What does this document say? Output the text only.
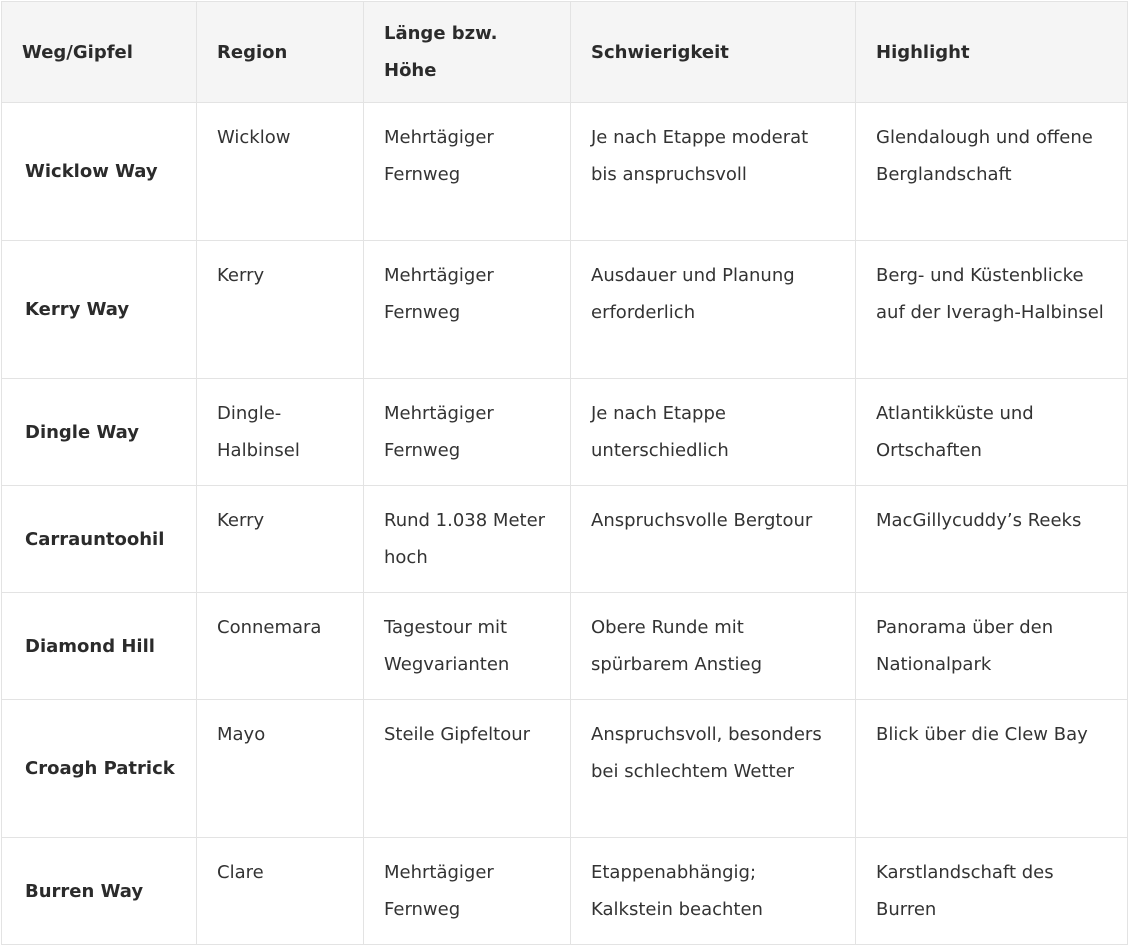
Weg/Gipfel	Region	Länge bzw. Höhe	Schwierigkeit	Highlight
Wicklow Way	Wicklow	Mehrtägiger Fernweg	Je nach Etappe moderat bis anspruchsvoll	Glendalough und offene Berglandschaft
Kerry Way	Kerry	Mehrtägiger Fernweg	Ausdauer und Planung erforderlich	Berg- und Küstenblicke auf der Iveragh-Halbinsel
Dingle Way	Dingle-Halbinsel	Mehrtägiger Fernweg	Je nach Etappe unterschiedlich	Atlantikküste und Ortschaften
Carrauntoohil	Kerry	Rund 1.038 Meter hoch	Anspruchsvolle Bergtour	MacGillycuddy’s Reeks
Diamond Hill	Connemara	Tagestour mit Wegvarianten	Obere Runde mit spürbarem Anstieg	Panorama über den Nationalpark
Croagh Patrick	Mayo	Steile Gipfeltour	Anspruchsvoll, besonders bei schlechtem Wetter	Blick über die Clew Bay
Burren Way	Clare	Mehrtägiger Fernweg	Etappenabhängig; Kalkstein beachten	Karstlandschaft des Burren
